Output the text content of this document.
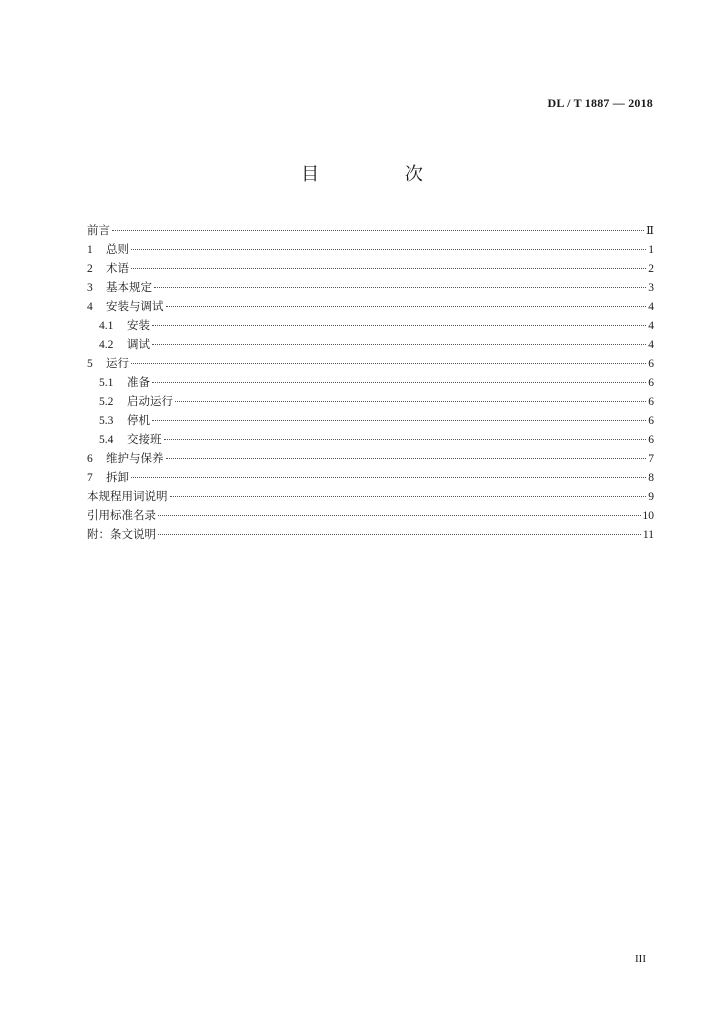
DL / T 1887 — 2018
目 次
前言	Ⅱ
1	总则	1
2	术语	2
3	基本规定	3
4	安装与调试	4
4.1	安装	4
4.2	调试	4
5	运行	6
5.1	准备	6
5.2	启动运行	6
5.3	停机	6
5.4	交接班	6
6	维护与保养	7
7	拆卸	8
本规程用词说明	9
引用标准名录	10
附：条文说明	11
III
